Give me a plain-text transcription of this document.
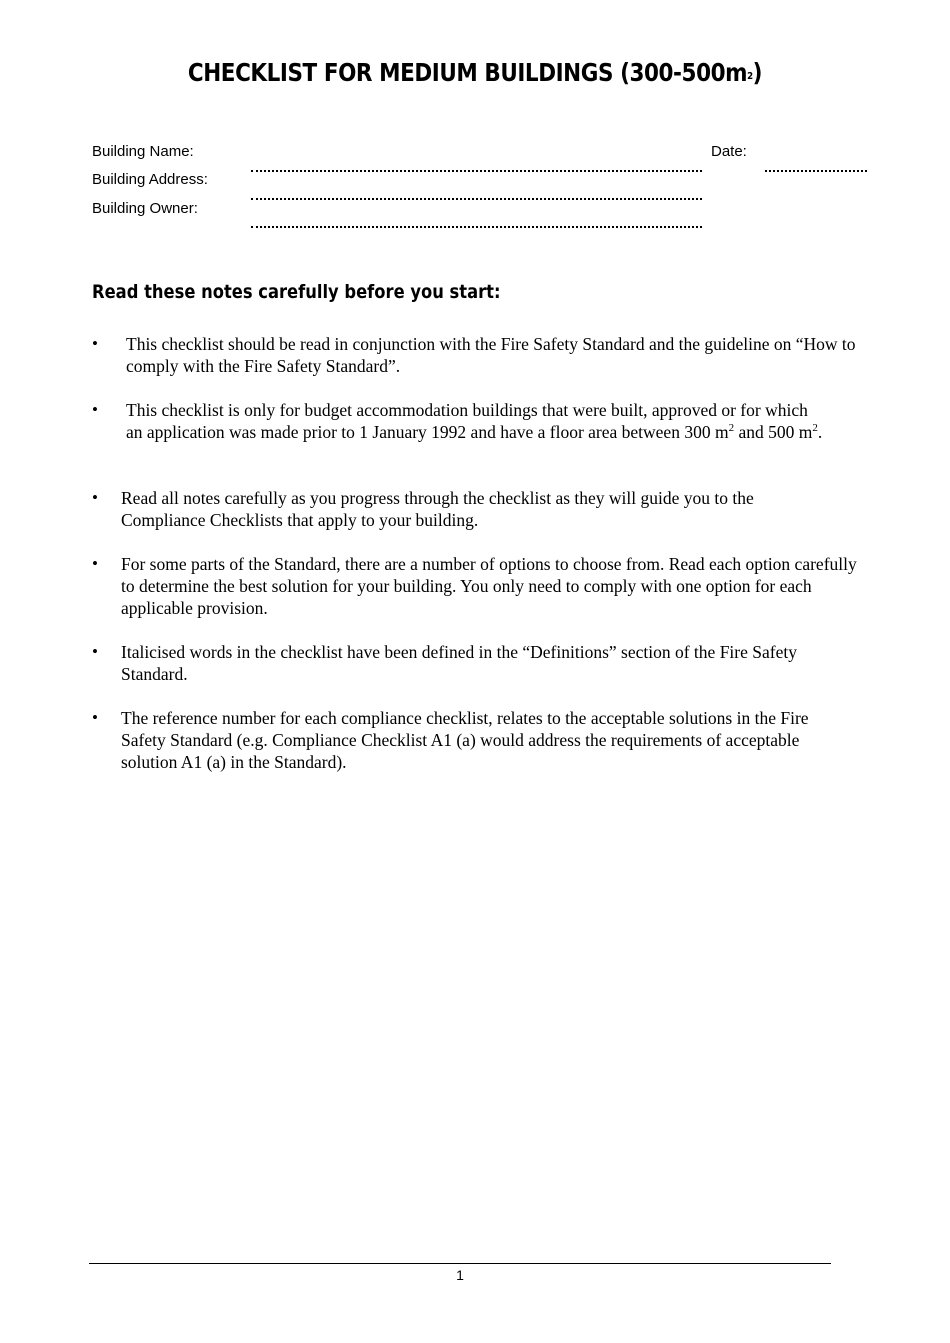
CHECKLIST FOR MEDIUM BUILDINGS $(300-500m^2)$
Building Name:
Building Address:
Building Owner:
Date:
Read these notes carefully before you start:
• This checklist should be read in conjunction with the Fire Safety Standard and the guideline on “How to comply with the Fire Safety Standard”.
• This checklist is only for budget accommodation buildings that were built, approved or for which an application was made prior to 1 January 1992 and have a floor area between 300 $m^2$ and 500 $m^2$.
• Read all notes carefully as you progress through the checklist as they will guide you to the Compliance Checklists that apply to your building.
• For some parts of the Standard, there are a number of options to choose from. Read each option carefully to determine the best solution for your building. You only need to comply with one option for each applicable provision.
• Italicised words in the checklist have been defined in the “Definitions” section of the Fire Safety Standard.
• The reference number for each compliance checklist, relates to the acceptable solutions in the Fire Safety Standard (e.g. Compliance Checklist A1 (a) would address the requirements of acceptable solution A1 (a) in the Standard).
1
